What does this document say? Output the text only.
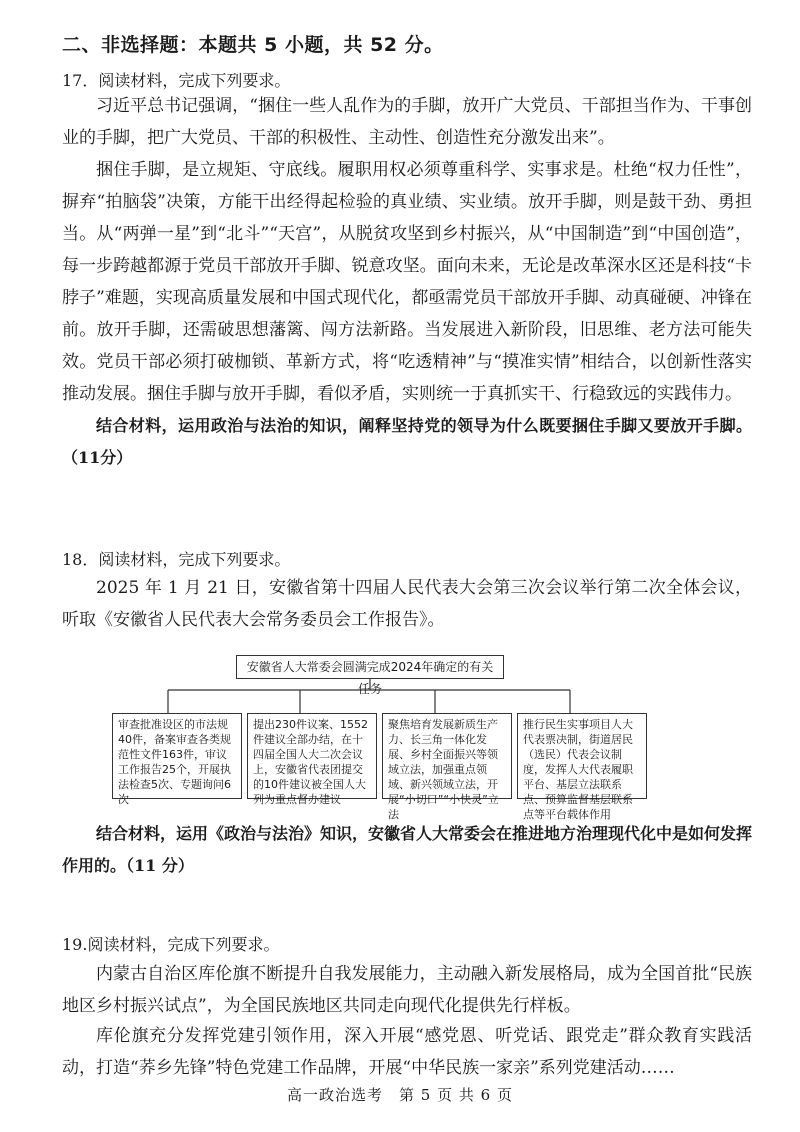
二、非选择题：本题共 5 小题，共 52 分。
17．阅读材料，完成下列要求。

习近平总书记强调，“捆住一些人乱作为的手脚，放开广大党员、干部担当作为、干事创业的手脚，把广大党员、干部的积极性、主动性、创造性充分激发出来”。

捆住手脚，是立规矩、守底线。履职用权必须尊重科学、实事求是。杜绝“权力任性”，摒弃“拍脑袋”决策，方能干出经得起检验的真业绩、实业绩。放开手脚，则是鼓干劲、勇担当。从“两弹一星”到“北斗”“天宫”，从脱贫攻坚到乡村振兴，从“中国制造”到“中国创造”，每一步跨越都源于党员干部放开手脚、锐意攻坚。面向未来，无论是改革深水区还是科技“卡脖子”难题，实现高质量发展和中国式现代化，都亟需党员干部放开手脚、动真碰硬、冲锋在前。放开手脚，还需破思想藩篱、闯方法新路。当发展进入新阶段，旧思维、老方法可能失效。党员干部必须打破枷锁、革新方式，将“吃透精神”与“摸准实情”相结合，以创新性落实推动发展。捆住手脚与放开手脚，看似矛盾，实则统一于真抓实干、行稳致远的实践伟力。

结合材料，运用政治与法治的知识，阐释坚持党的领导为什么既要捆住手脚又要放开手脚。（11分）

18．阅读材料，完成下列要求。

2025 年 1 月 21 日，安徽省第十四届人民代表大会第三次会议举行第二次全体会议，听取《安徽省人民代表大会常务委员会工作报告》。

安徽省人大常委会圆满完成2024年确定的有关任务
审查批准设区的市法规40件，备案审查各类规范性文件163件，审议工作报告25个，开展执法检查5次、专题询问6次
提出230件议案、1552件建议全部办结，在十四届全国人大二次会议上，安徽省代表团提交的10件建议被全国人大列为重点督办建议
聚焦培育发展新质生产力、长三角一体化发展、乡村全面振兴等领域立法，加强重点领域、新兴领域立法，开展“小切口”“小快灵”立法
推行民生实事项目人大代表票决制，街道居民（选民）代表会议制度，发挥人大代表履职平台、基层立法联系点、预算监督基层联系点等平台载体作用

结合材料，运用《政治与法治》知识，安徽省人大常委会在推进地方治理现代化中是如何发挥作用的。（11 分）

19.阅读材料，完成下列要求。

内蒙古自治区库伦旗不断提升自我发展能力，主动融入新发展格局，成为全国首批“民族地区乡村振兴试点”，为全国民族地区共同走向现代化提供先行样板。

库伦旗充分发挥党建引领作用，深入开展“感党恩、听党话、跟党走”群众教育实践活动，打造“荞乡先锋”特色党建工作品牌，开展“中华民族一家亲”系列党建活动……

高一政治选考　第 5 页 共 6 页
